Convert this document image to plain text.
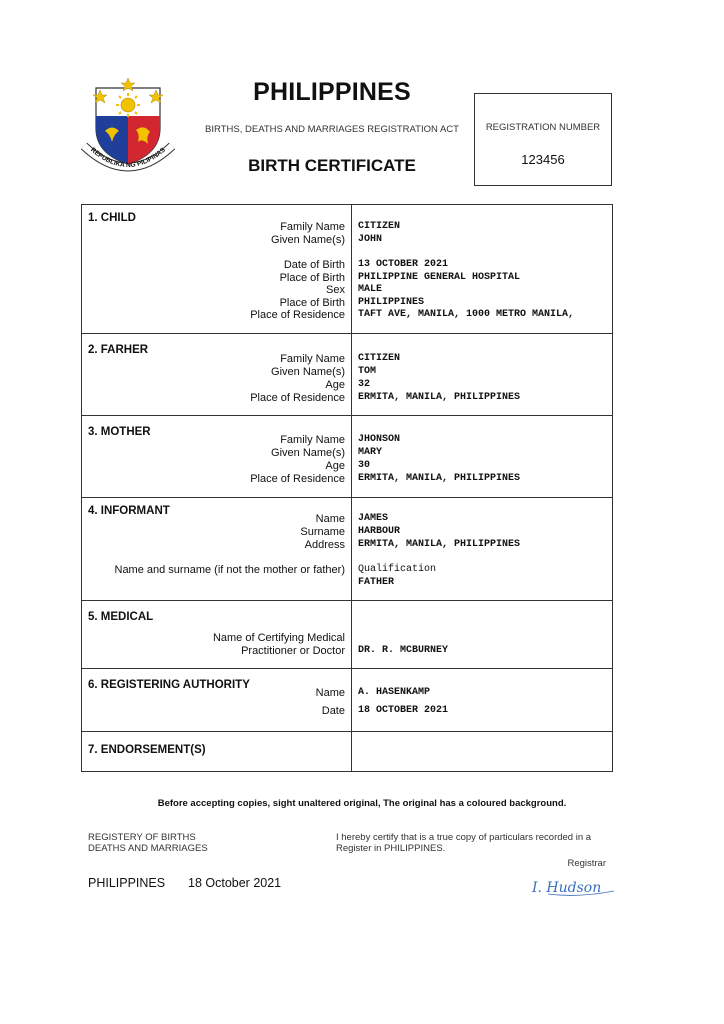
REPUBLIKA NG PILIPINAS
PHILIPPINES
BIRTHS, DEATHS AND MARRIAGES REGISTRATION ACT
BIRTH CERTIFICATE
REGISTRATION NUMBER
123456
1. CHILD
Family Name CITIZEN
Given Name(s) JOHN
Date of Birth 13 OCTOBER 2021
Place of Birth PHILIPPINE GENERAL HOSPITAL
Sex MALE
Place of Birth PHILIPPINES
Place of Residence TAFT AVE, MANILA, 1000 METRO MANILA,
2. FARHER
Family Name CITIZEN
Given Name(s) TOM
Age 32
Place of Residence ERMITA, MANILA, PHILIPPINES
3. MOTHER
Family Name JHONSON
Given Name(s) MARY
Age 30
Place of Residence ERMITA, MANILA, PHILIPPINES
4. INFORMANT
Name JAMES
Surname HARBOUR
Address ERMITA, MANILA, PHILIPPINES
Name and surname (if not the mother or father) Qualification
FATHER
5. MEDICAL
Name of Certifying Medical
Practitioner or Doctor DR. R. MCBURNEY
6. REGISTERING AUTHORITY
Name A. HASENKAMP
Date 18 OCTOBER 2021
7. ENDORSEMENT(S)
Before accepting copies, sight unaltered original, The original has a coloured background.
REGISTERY OF BIRTHS
DEATHS AND MARRIAGES
I hereby certify that is a true copy of particulars recorded in a
Register in PHILIPPINES.
Registrar
PHILIPPINES 18 October 2021	I. Hudson
